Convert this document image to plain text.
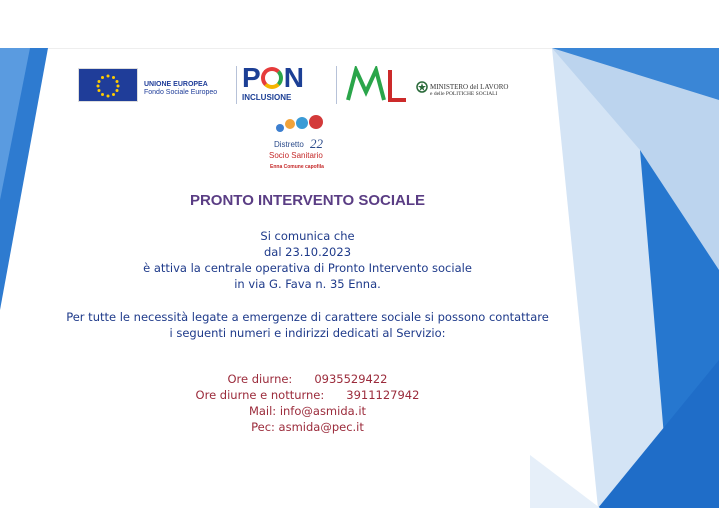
UNIONE EUROPEA
Fondo Sociale Europeo P N
INCLUSIONE
MINISTERO del LAVORO
e delle POLITICHE SOCIALI
Distretto 22
Socio Sanitario
Enna Comune capofila
PRONTO INTERVENTO SOCIALE
Si comunica che
dal 23.10.2023
è attiva la centrale operativa di Pronto Intervento sociale
in via G. Fava n. 35 Enna.
Per tutte le necessità legate a emergenze di carattere sociale si possono contattare
i seguenti numeri e indirizzi dedicati al Servizio:
Ore diurne: 0935529422
Ore diurne e notturne: 3911127942
Mail: info@asmida.it
Pec: asmida@pec.it
